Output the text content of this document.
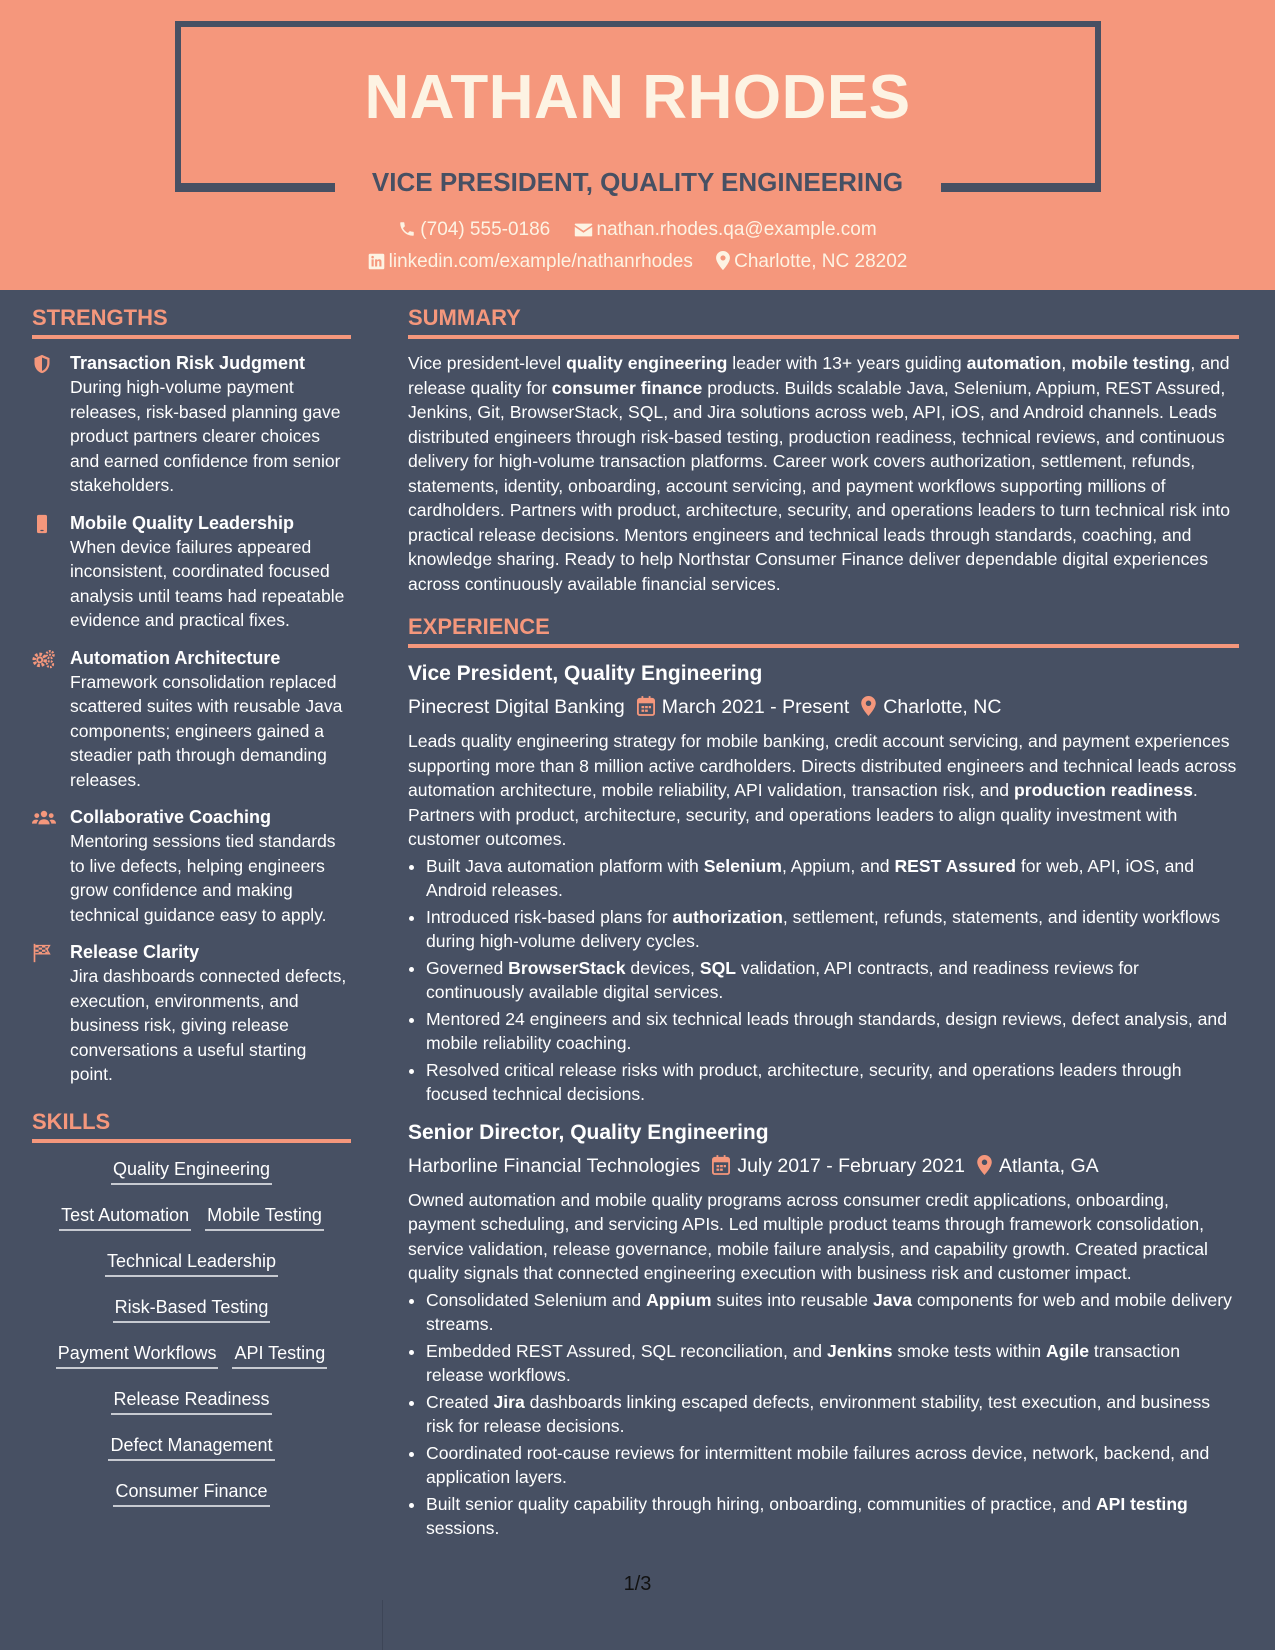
NATHAN RHODES
VICE PRESIDENT, QUALITY ENGINEERING
(704) 555-0186 nathan.rhodes.qa@example.com
linkedin.com/example/nathanrhodes Charlotte, NC 28202
STRENGTHS
Transaction Risk Judgment
During high-volume payment releases, risk-based planning gave product partners clearer choices and earned confidence from senior stakeholders.
Mobile Quality Leadership
When device failures appeared inconsistent, coordinated focused analysis until teams had repeatable evidence and practical fixes.
Automation Architecture
Framework consolidation replaced scattered suites with reusable Java components; engineers gained a steadier path through demanding releases.
Collaborative Coaching
Mentoring sessions tied standards to live defects, helping engineers grow confidence and making technical guidance easy to apply.
Release Clarity
Jira dashboards connected defects, execution, environments, and business risk, giving release conversations a useful starting point.
SKILLS
Quality Engineering
Test Automation Mobile Testing
Technical Leadership
Risk-Based Testing
Payment Workflows API Testing
Release Readiness
Defect Management
Consumer Finance
SUMMARY
Vice president-level quality engineering leader with 13+ years guiding automation, mobile testing, and release quality for consumer finance products. Builds scalable Java, Selenium, Appium, REST Assured, Jenkins, Git, BrowserStack, SQL, and Jira solutions across web, API, iOS, and Android channels. Leads distributed engineers through risk-based testing, production readiness, technical reviews, and continuous delivery for high-volume transaction platforms. Career work covers authorization, settlement, refunds, statements, identity, onboarding, account servicing, and payment workflows supporting millions of cardholders. Partners with product, architecture, security, and operations leaders to turn technical risk into practical release decisions. Mentors engineers and technical leads through standards, coaching, and knowledge sharing. Ready to help Northstar Consumer Finance deliver dependable digital experiences across continuously available financial services.
EXPERIENCE
Vice President, Quality Engineering
Pinecrest Digital Banking March 2021 - Present Charlotte, NC
Leads quality engineering strategy for mobile banking, credit account servicing, and payment experiences supporting more than 8 million active cardholders. Directs distributed engineers and technical leads across automation architecture, mobile reliability, API validation, transaction risk, and production readiness. Partners with product, architecture, security, and operations leaders to align quality investment with customer outcomes.
• Built Java automation platform with Selenium, Appium, and REST Assured for web, API, iOS, and Android releases.
• Introduced risk-based plans for authorization, settlement, refunds, statements, and identity workflows during high-volume delivery cycles.
• Governed BrowserStack devices, SQL validation, API contracts, and readiness reviews for continuously available digital services.
• Mentored 24 engineers and six technical leads through standards, design reviews, defect analysis, and mobile reliability coaching.
• Resolved critical release risks with product, architecture, security, and operations leaders through focused technical decisions.
Senior Director, Quality Engineering
Harborline Financial Technologies July 2017 - February 2021 Atlanta, GA
Owned automation and mobile quality programs across consumer credit applications, onboarding, payment scheduling, and servicing APIs. Led multiple product teams through framework consolidation, service validation, release governance, mobile failure analysis, and capability growth. Created practical quality signals that connected engineering execution with business risk and customer impact.
• Consolidated Selenium and Appium suites into reusable Java components for web and mobile delivery streams.
• Embedded REST Assured, SQL reconciliation, and Jenkins smoke tests within Agile transaction release workflows.
• Created Jira dashboards linking escaped defects, environment stability, test execution, and business risk for release decisions.
• Coordinated root-cause reviews for intermittent mobile failures across device, network, backend, and application layers.
• Built senior quality capability through hiring, onboarding, communities of practice, and API testing sessions.
1/3
